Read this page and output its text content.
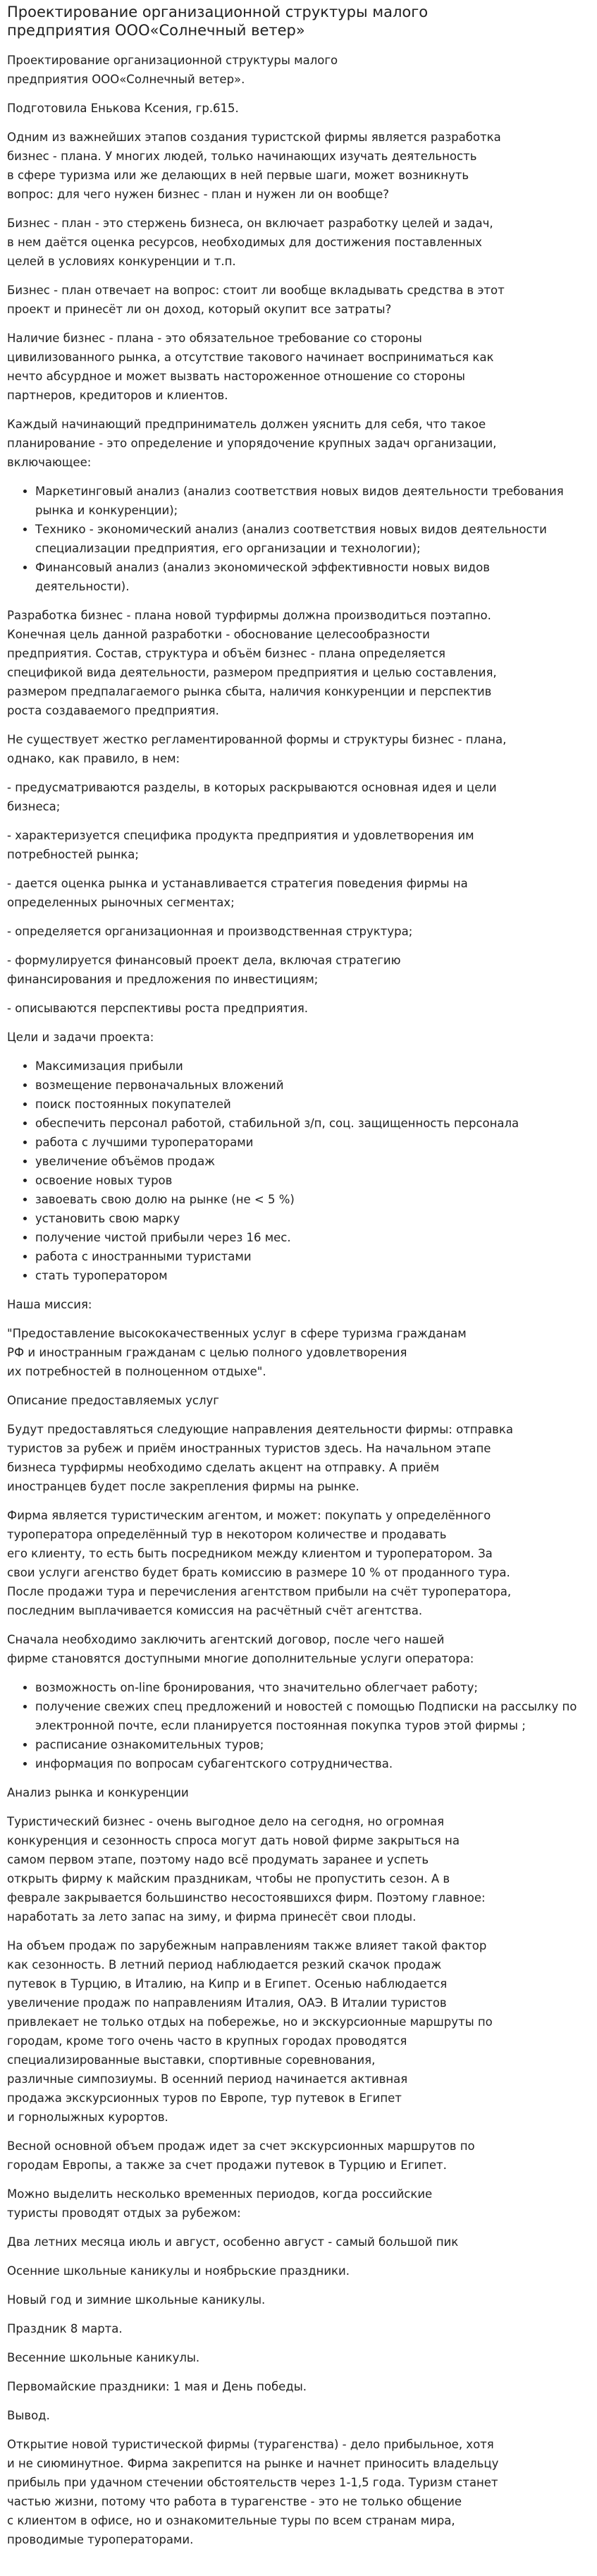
Проектирование организационной структуры малого предприятия ООО«Солнечный ветер»

Проектирование организационной структуры малого
предприятия ООО«Солнечный ветер».

Подготовила Енькова Ксения, гр.615.

Одним из важнейших этапов создания туристской фирмы является разработка
бизнес - плана. У многих людей, только начинающих изучать деятельность
в сфере туризма или же делающих в ней первые шаги, может возникнуть
вопрос: для чего нужен бизнес - план и нужен ли он вообще?

Бизнес - план - это стержень бизнеса, он включает разработку целей и задач,
в нем даётся оценка ресурсов, необходимых для достижения поставленных
целей в условиях конкуренции и т.п.

Бизнес - план отвечает на вопрос: стоит ли вообще вкладывать средства в этот
проект и принесёт ли он доход, который окупит все затраты?

Наличие бизнес - плана - это обязательное требование со стороны
цивилизованного рынка, а отсутствие такового начинает восприниматься как
нечто абсурдное и может вызвать настороженное отношение со стороны
партнеров, кредиторов и клиентов.

Каждый начинающий предприниматель должен уяснить для себя, что такое
планирование - это определение и упорядочение крупных задач организации,
включающее:

• Маркетинговый анализ (анализ соответствия новых видов деятельности требования рынка и конкуренции);
• Технико - экономический анализ (анализ соответствия новых видов деятельности специализации предприятия, его организации и технологии);
• Финансовый анализ (анализ экономической эффективности новых видов деятельности).

Разработка бизнес - плана новой турфирмы должна производиться поэтапно.
Конечная цель данной разработки - обоснование целесообразности
предприятия. Состав, структура и объём бизнес - плана определяется
спецификой вида деятельности, размером предприятия и целью составления,
размером предпалагаемого рынка сбыта, наличия конкуренции и перспектив
роста создаваемого предприятия.

Не существует жестко регламентированной формы и структуры бизнес - плана,
однако, как правило, в нем:

- предусматриваются разделы, в которых раскрываются основная идея и цели
бизнеса;

- характеризуется специфика продукта предприятия и удовлетворения им
потребностей рынка;

- дается оценка рынка и устанавливается стратегия поведения фирмы на
определенных рыночных сегментах;

- определяется организационная и производственная структура;

- формулируется финансовый проект дела, включая стратегию
финансирования и предложения по инвестициям;

- описываются перспективы роста предприятия.

Цели и задачи проекта:

• Максимизация прибыли
• возмещение первоначальных вложений
• поиск постоянных покупателей
• обеспечить персонал работой, стабильной з/п, соц. защищенность персонала
• работа с лучшими туроператорами
• увеличение объёмов продаж
• освоение новых туров
• завоевать свою долю на рынке (не < 5 %)
• установить свою марку
• получение чистой прибыли через 16 мес.
• работа с иностранными туристами
• стать туроператором

Наша миссия:

"Предоставление высококачественных услуг в сфере туризма гражданам
РФ и иностранным гражданам с целью полного удовлетворения
их потребностей в полноценном отдыхе".

Описание предоставляемых услуг

Будут предоставляться следующие направления деятельности фирмы: отправка
туристов за рубеж и приём иностранных туристов здесь. На начальном этапе
бизнеса турфирмы необходимо сделать акцент на отправку. А приём
иностранцев будет после закрепления фирмы на рынке.

Фирма является туристическим агентом, и может: покупать у определённого
туроператора определённый тур в некотором количестве и продавать
его клиенту, то есть быть посредником между клиентом и туроператором. За
свои услуги агенство будет брать комиссию в размере 10 % от проданного тура.
После продажи тура и перечисления агентством прибыли на счёт туроператора,
последним выплачивается комиссия на расчётный счёт агентства.

Сначала необходимо заключить агентский договор, после чего нашей
фирме становятся доступными многие дополнительные услуги оператора:

• возможность on-line бронирования, что значительно облегчает работу;
• получение свежих спец предложений и новостей с помощью Подписки на рассылку по электронной почте, если планируется постоянная покупка туров этой фирмы ;
• расписание ознакомительных туров;
• информация по вопросам субагентского сотрудничества.

Анализ рынка и конкуренции

Туристический бизнес - очень выгодное дело на сегодня, но огромная
конкуренция и сезонность спроса могут дать новой фирме закрыться на
самом первом этапе, поэтому надо всё продумать заранее и успеть
открыть фирму к майским праздникам, чтобы не пропустить сезон. А в
феврале закрывается большинство несостоявшихся фирм. Поэтому главное:
наработать за лето запас на зиму, и фирма принесёт свои плоды.

На объем продаж по зарубежным направлениям также влияет такой фактор
как сезонность. В летний период наблюдается резкий скачок продаж
путевок в Турцию, в Италию, на Кипр и в Египет. Осенью наблюдается
увеличение продаж по направлениям Италия, ОАЭ. В Италии туристов
привлекает не только отдых на побережье, но и экскурсионные маршруты по
городам, кроме того очень часто в крупных городах проводятся
специализированные выставки, спортивные соревнования,
различные симпозиумы. В осенний период начинается активная
продажа экскурсионных туров по Европе, тур путевок в Египет
и горнолыжных курортов.

Весной основной объем продаж идет за счет экскурсионных маршрутов по
городам Европы, а также за счет продажи путевок в Турцию и Египет.

Можно выделить несколько временных периодов, когда российские
туристы проводят отдых за рубежом:

Два летних месяца июль и август, особенно август - самый большой пик

Осенние школьные каникулы и ноябрьские праздники.

Новый год и зимние школьные каникулы.

Праздник 8 марта.

Весенние школьные каникулы.

Первомайские праздники: 1 мая и День победы.

Вывод.

Открытие новой туристической фирмы (турагенства) - дело прибыльное, хотя
и не сиюминутное. Фирма закрепится на рынке и начнет приносить владельцу
прибыль при удачном стечении обстоятельств через 1-1,5 года. Туризм станет
частью жизни, потому что работа в турагенстве - это не только общение
с клиентом в офисе, но и ознакомительные туры по всем странам мира,
проводимые туроператорами.
